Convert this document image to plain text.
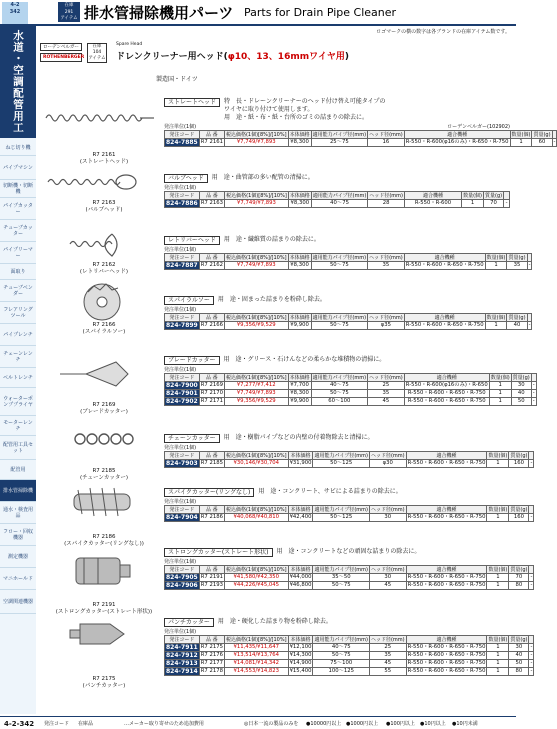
4-2
342
在庫
291
アイテム 排水管掃除機用パーツ Parts for Drain Pipe Cleaner
ロゴマークの横の数字は各ブランドの在庫アイテム数です。
水道・空調配管用工
ねじ切り機
パイプマシン
切断機・切断機
パイプカッター
チューブカッター
パイプリーマー
面取り
チューブベンダー
フレアリングツール
パイプレンチ
チェーンレンチ
ベルトレンチ
ウォーターポンププライヤ
モーターレンチ
配管用工具セット
配管用
排水管掃除機
通水・検査用品
フロー・回収機器
測定機器
マニホールド
空調関連機器
ローデンベルガー
ROTHENBERGER
在庫
104
アイテム
Spare Head
ドレンクリーナー用ヘッド(φ10、13、16mmワイヤ用)
製造国・ドイツ
R7 2161
(ストレートヘッド)
R7 2163
(バルブヘッド)
R7 2162
(レトリバーヘッド)
R7 2166
(スパイラルソー)
R7 2169
(ブレードカッター)
R7 2185
(チェーンカッター)
R7 2186
(スパイクカッター(リングなし))
R7 2191
(ストロングカッター(ストレート形状))
R7 2175
(パンチカッター)
ストレートヘッド	特　長・ドレーンクリーナーのヘッド付け替え可能タイプの
ワイヤに取り付けて使用します。
用　途・紙・布・紙・台所のゴミの詰まりの除去に。
発注単位(1個)	ローデンベルガー(102902)
発注コード	品 番	税込価格(1個)[8%]/[10%]	本体価格	適用能力パイプ径(mm)	ヘッド径(mm)	適合機種	数量(個)	質量(g)	
824-7885	R7 2161	¥7,749/¥7,893	¥8,300	25～75	16	R-550・R-600(φ16のみ)・R-650・R-750	1	60	-
バルブヘッド	用　途・曲管部の多い配管の清掃に。
発注単位(1個)
発注コード	品 番	税込価格(1個)[8%]/[10%]	本体価格	適用能力パイプ径(mm)	ヘッド径(mm)	適合機種	数量(個)	質量(g)	
824-7886	R7 2163	¥7,749/¥7,893	¥8,300	40～75	28	R-550・R-600	1	70	-
レトリバーヘッド	用　途・繊維質の詰まりの除去に。
発注単位(1個)
発注コード	品 番	税込価格(1個)[8%]/[10%]	本体価格	適用能力パイプ径(mm)	ヘッド径(mm)	適合機種	数量(個)	質量(g)	
824-7887	R7 2162	¥7,749/¥7,893	¥8,300	50～75	35	R-550・R-600・R-650・R-750	1	35	-
スパイラルソー	用　途・固まった詰まりを粉砕し除去。
発注単位(1個)
発注コード	品 番	税込価格(1個)[8%]/[10%]	本体価格	適用能力パイプ径(mm)	ヘッド径(mm)	適合機種	数量(個)	質量(g)	
824-7899	R7 2166	¥9,356/¥9,529	¥9,900	50～75	φ35	R-550・R-600・R-650・R-750	1	40	-
ブレードカッター	用　途・グリース・石けんなどの柔らかな堆積物の清掃に。
発注単位(1個)
発注コード	品 番	税込価格(1個)[8%]/[10%]	本体価格	適用能力パイプ径(mm)	ヘッド径(mm)	適合機種	数量(個)	質量(g)	
824-7900	R7 2169	¥7,277/¥7,412	¥7,700	40～75	25	R-550・R-600(φ16のみ)・R-650	1	30	-
824-7901	R7 2170	¥7,749/¥7,893	¥8,300	50～75	35	R-550・R-600・R-650・R-750	1	40	-
824-7902	R7 2171	¥9,356/¥9,529	¥9,900	60～100	45	R-550・R-600・R-650・R-750	1	50	-
チェーンカッター	用　途・樹脂パイプなどの内壁の付着物除去と清掃に。
発注単位(1個)
発注コード	品 番	税込価格(1個)[8%]/[10%]	本体価格	適用能力パイプ径(mm)	ヘッド径(mm)	適合機種	数量(個)	質量(g)	
824-7903	R7 2185	¥30,146/¥30,704	¥31,900	50～125	φ30	R-550・R-600・R-650・R-750	1	160	-
スパイクカッター(リングなし)	用　途・コンクリート、サビによる詰まりの除去に。
発注単位(1個)
発注コード	品 番	税込価格(1個)[8%]/[10%]	本体価格	適用能力パイプ径(mm)	ヘッド径(mm)	適合機種	数量(個)	質量(g)	
824-7904	R7 2186	¥40,068/¥40,810	¥42,400	50～125	30	R-550・R-600・R-650・R-750	1	160	-
ストロングカッター(ストレート形状)	用　途・コンクリートなどの頑固な詰まりの除去に。
発注単位(1個)
発注コード	品 番	税込価格(1個)[8%]/[10%]	本体価格	適用能力パイプ径(mm)	ヘッド径(mm)	適合機種	数量(個)	質量(g)	
824-7905	R7 2191	¥41,580/¥42,350	¥44,000	35～50	30	R-550・R-600・R-650・R-750	1	70	-
824-7906	R7 2193	¥44,226/¥45,045	¥46,800	50～75	45	R-550・R-600・R-650・R-750	1	80	-
パンチカッター	用　途・硬化した詰まり物を粉砕し除去。
発注単位(1個)
発注コード	品 番	税込価格(1個)[8%]/[10%]	本体価格	適用能力パイプ径(mm)	ヘッド径(mm)	適合機種	数量(個)	質量(g)	
824-7911	R7 2175	¥11,435/¥11,647	¥12,100	40～75	25	R-550・R-600・R-650・R-750	1	30	-
824-7912	R7 2176	¥13,514/¥13,764	¥14,300	50～75	35	R-550・R-600・R-650・R-750	1	40	-
824-7913	R7 2177	¥14,081/¥14,342	¥14,900	75～100	45	R-550・R-600・R-650・R-750	1	50	-
824-7914	R7 2178	¥14,553/¥14,823	¥15,400	100～125	55	R-550・R-600・R-650・R-750	1	80	-
4-2-342 発注コード 在庫品	…メーカー取り寄せのため追加費用	◎日本一流の製品のみを ●10000円以上 ●1000円以上 ●100円以上 ●10円以上 ●10円未満
